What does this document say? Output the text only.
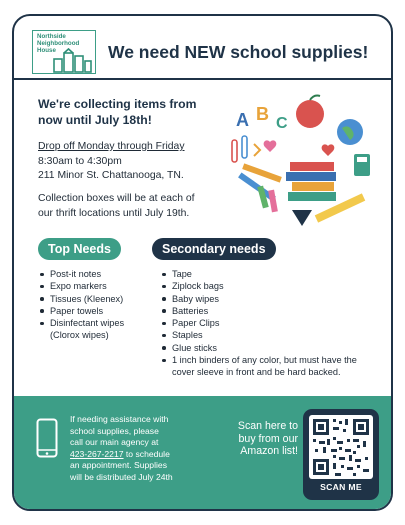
Northside
Neighborhood
House	We need NEW school supplies!
We're collecting items from
now until July 18th!
Drop off Monday through Friday
8:30am to 4:30pm
211 Minor St. Chattanooga, TN.
Collection boxes will be at each of
our thrift locations until July 19th.
A B C
Top Needs	Secondary needs
Post-it notes
Expo markers
Tissues (Kleenex)
Paper towels
Disinfectant wipes
(Clorox wipes)
Tape
Ziplock bags
Baby wipes
Batteries
Paper Clips
Staples
Glue sticks
1 inch binders of any color, but must have the
cover sleeve in front and be hard backed.
If needing assistance with
school supplies, please
call our main agency at
423-267-2217 to schedule
an appointment. Supplies
will be distributed July 24th
Scan here to
buy from our
Amazon list!
SCAN ME
